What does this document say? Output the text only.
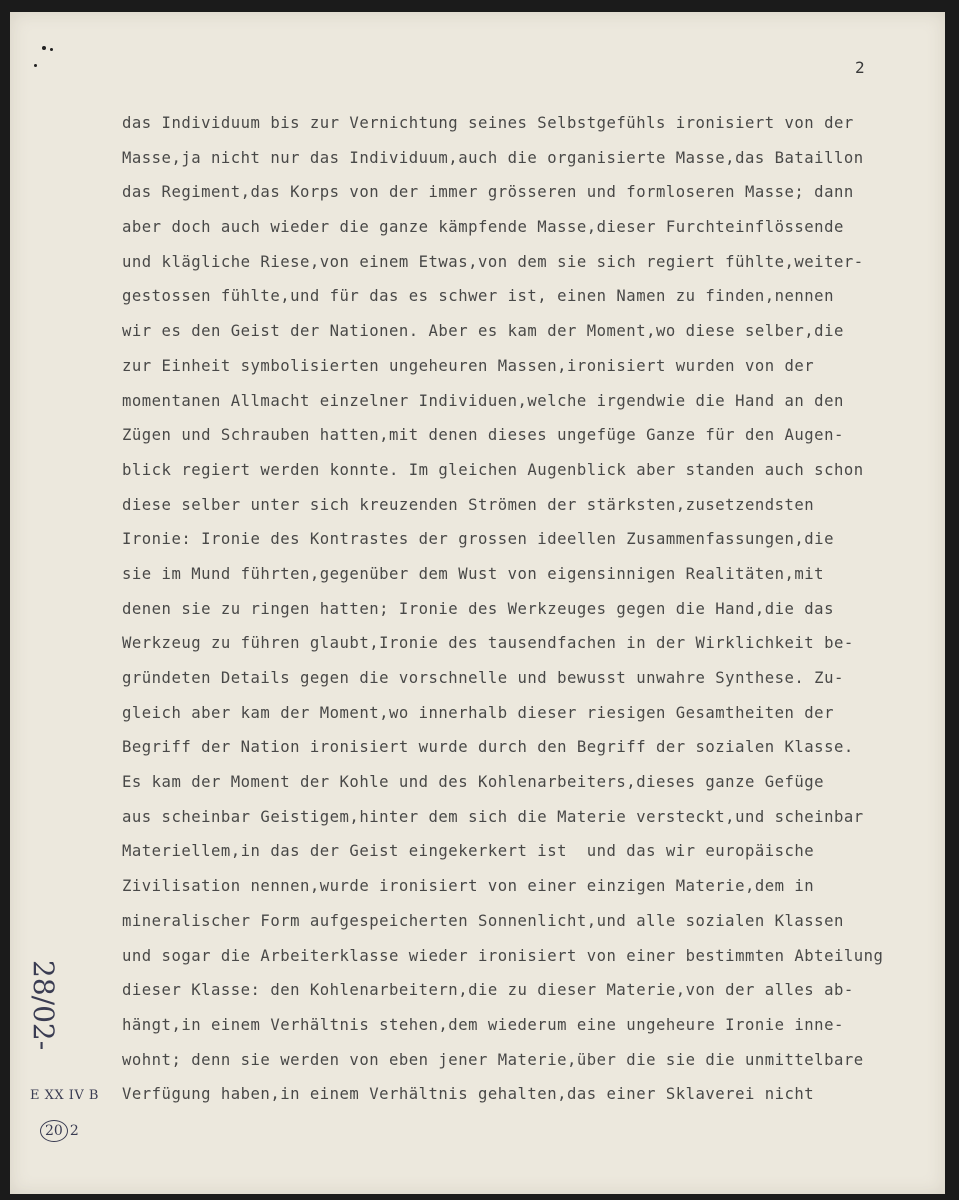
2
das Individuum bis zur Vernichtung seines Selbstgefühls ironisiert von der
Masse,ja nicht nur das Individuum,auch die organisierte Masse,das Bataillon
das Regiment,das Korps von der immer grösseren und formloseren Masse; dann
aber doch auch wieder die ganze kämpfende Masse,dieser Furchteinflössende
und klägliche Riese,von einem Etwas,von dem sie sich regiert fühlte,weiter-
gestossen fühlte,und für das es schwer ist, einen Namen zu finden,nennen
wir es den Geist der Nationen. Aber es kam der Moment,wo diese selber,die
zur Einheit symbolisierten ungeheuren Massen,ironisiert wurden von der
momentanen Allmacht einzelner Individuen,welche irgendwie die Hand an den
Zügen und Schrauben hatten,mit denen dieses ungefüge Ganze für den Augen-
blick regiert werden konnte. Im gleichen Augenblick aber standen auch schon
diese selber unter sich kreuzenden Strömen der stärksten,zusetzendsten
Ironie: Ironie des Kontrastes der grossen ideellen Zusammenfassungen,die
sie im Mund führten,gegenüber dem Wust von eigensinnigen Realitäten,mit
denen sie zu ringen hatten; Ironie des Werkzeuges gegen die Hand,die das
Werkzeug zu führen glaubt,Ironie des tausendfachen in der Wirklichkeit be-
gründeten Details gegen die vorschnelle und bewusst unwahre Synthese. Zu-
gleich aber kam der Moment,wo innerhalb dieser riesigen Gesamtheiten der
Begriff der Nation ironisiert wurde durch den Begriff der sozialen Klasse.
Es kam der Moment der Kohle und des Kohlenarbeiters,dieses ganze Gefüge
aus scheinbar Geistigem,hinter dem sich die Materie versteckt,und scheinbar
Materiellem,in das der Geist eingekerkert ist  und das wir europäische
Zivilisation nennen,wurde ironisiert von einer einzigen Materie,dem in
mineralischer Form aufgespeicherten Sonnenlicht,und alle sozialen Klassen
und sogar die Arbeiterklasse wieder ironisiert von einer bestimmten Abteilung
dieser Klasse: den Kohlenarbeitern,die zu dieser Materie,von der alles ab-
hängt,in einem Verhältnis stehen,dem wiederum eine ungeheure Ironie inne-
wohnt; denn sie werden von eben jener Materie,über die sie die unmittelbare
Verfügung haben,in einem Verhältnis gehalten,das einer Sklaverei nicht
28/02-
E XX IV B
20 2
